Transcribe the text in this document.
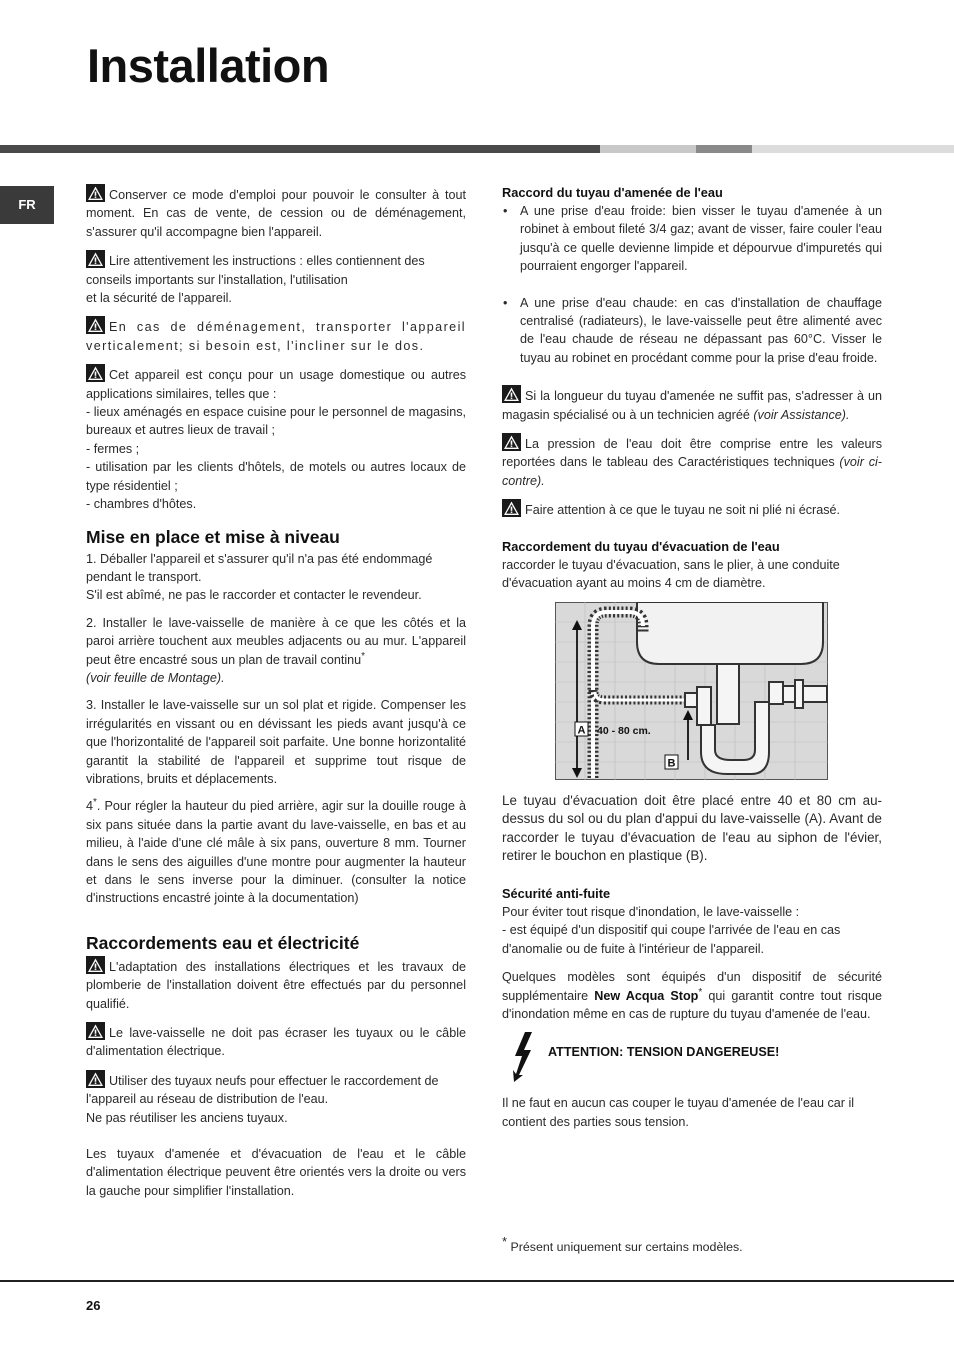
Installation
FR

Conserver ce mode d'emploi pour pouvoir le consulter à tout moment. En cas de vente, de cession ou de déménagement, s'assurer qu'il accompagne bien l'appareil.

Lire attentivement les instructions : elles contiennent des conseils importants sur l'installation, l'utilisation
et la sécurité de l'appareil.

En cas de déménagement, transporter l'appareil verticalement; si besoin est, l'incliner sur le dos.

Cet appareil est conçu pour un usage domestique ou autres applications similaires, telles que :
- lieux aménagés en espace cuisine pour le personnel de magasins, bureaux et autres lieux de travail ;
- fermes ;
- utilisation par les clients d'hôtels, de motels ou autres locaux de type résidentiel ;
- chambres d'hôtes.

Mise en place et mise à niveau

1. Déballer l'appareil et s'assurer qu'il n'a pas été endommagé pendant le transport.
S'il est abîmé, ne pas le raccorder et contacter le revendeur.

2. Installer le lave-vaisselle de manière à ce que les côtés et la paroi arrière touchent aux meubles adjacents ou au mur. L'appareil peut être encastré sous un plan de travail continu*
(voir feuille de Montage).

3. Installer le lave-vaisselle sur un sol plat et rigide. Compenser les irrégularités en vissant ou en dévissant les pieds avant jusqu'à ce que l'horizontalité de l'appareil soit parfaite. Une bonne horizontalité garantit la stabilité de l'appareil et supprime tout risque de vibrations, bruits et déplacements.

4*. Pour régler la hauteur du pied arrière, agir sur la douille rouge à six pans située dans la partie avant du lave-vaisselle, en bas et au milieu, à l'aide d'une clé mâle à six pans, ouverture 8 mm. Tourner dans le sens des aiguilles d'une montre pour augmenter la hauteur et dans le sens inverse pour la diminuer. (consulter la notice d'instructions encastré jointe à la documentation)

Raccordements eau et électricité

L'adaptation des installations électriques et les travaux de plomberie de l'installation doivent être effectués par du personnel qualifié.

Le lave-vaisselle ne doit pas écraser les tuyaux ou le câble d'alimentation électrique.

Utiliser des tuyaux neufs pour effectuer le raccordement de l'appareil au réseau de distribution de l'eau.
Ne pas réutiliser les anciens tuyaux.

Les tuyaux d'amenée et d'évacuation de l'eau et le câble d'alimentation électrique peuvent être orientés vers la droite ou vers la gauche pour simplifier l'installation.

Raccord du tuyau d'amenée de l'eau
• A une prise d'eau froide: bien visser le tuyau d'amenée à un robinet à embout fileté 3/4 gaz; avant de visser, faire couler l'eau jusqu'à ce quelle devienne limpide et dépourvue d'impuretés qui pourraient engorger l'appareil.
• A une prise d'eau chaude: en cas d'installation de chauffage centralisé (radiateurs), le lave-vaisselle peut être alimenté avec de l'eau chaude de réseau ne dépassant pas 60°C. Visser le tuyau au robinet en procédant comme pour la prise d'eau froide.

Si la longueur du tuyau d'amenée ne suffit pas, s'adresser à un magasin spécialisé ou à un technicien agréé (voir Assistance).

La pression de l'eau doit être comprise entre les valeurs reportées dans le tableau des Caractéristiques techniques (voir ci-contre).

Faire attention à ce que le tuyau ne soit ni plié ni écrasé.

Raccordement du tuyau d'évacuation de l'eau

raccorder le tuyau d'évacuation, sans le plier, à une conduite d'évacuation ayant au moins 4 cm de diamètre.

A 40 - 80 cm.
B

Le tuyau d'évacuation doit être placé entre 40 et 80 cm au-dessus du sol ou du plan d'appui du lave-vaisselle (A). Avant de raccorder le tuyau d'évacuation de l'eau au siphon de l'évier, retirer le bouchon en plastique (B).

Sécurité anti-fuite

Pour éviter tout risque d'inondation, le lave-vaisselle :
- est équipé d'un dispositif qui coupe l'arrivée de l'eau en cas d'anomalie ou de fuite à l'intérieur de l'appareil.

Quelques modèles sont équipés d'un dispositif de sécurité supplémentaire New Acqua Stop* qui garantit contre tout risque d'inondation même en cas de rupture du tuyau d'amenée de l'eau.

ATTENTION: TENSION DANGEREUSE!

Il ne faut en aucun cas couper le tuyau d'amenée de l'eau car il contient des parties sous tension.

* Présent uniquement sur certains modèles.
26
